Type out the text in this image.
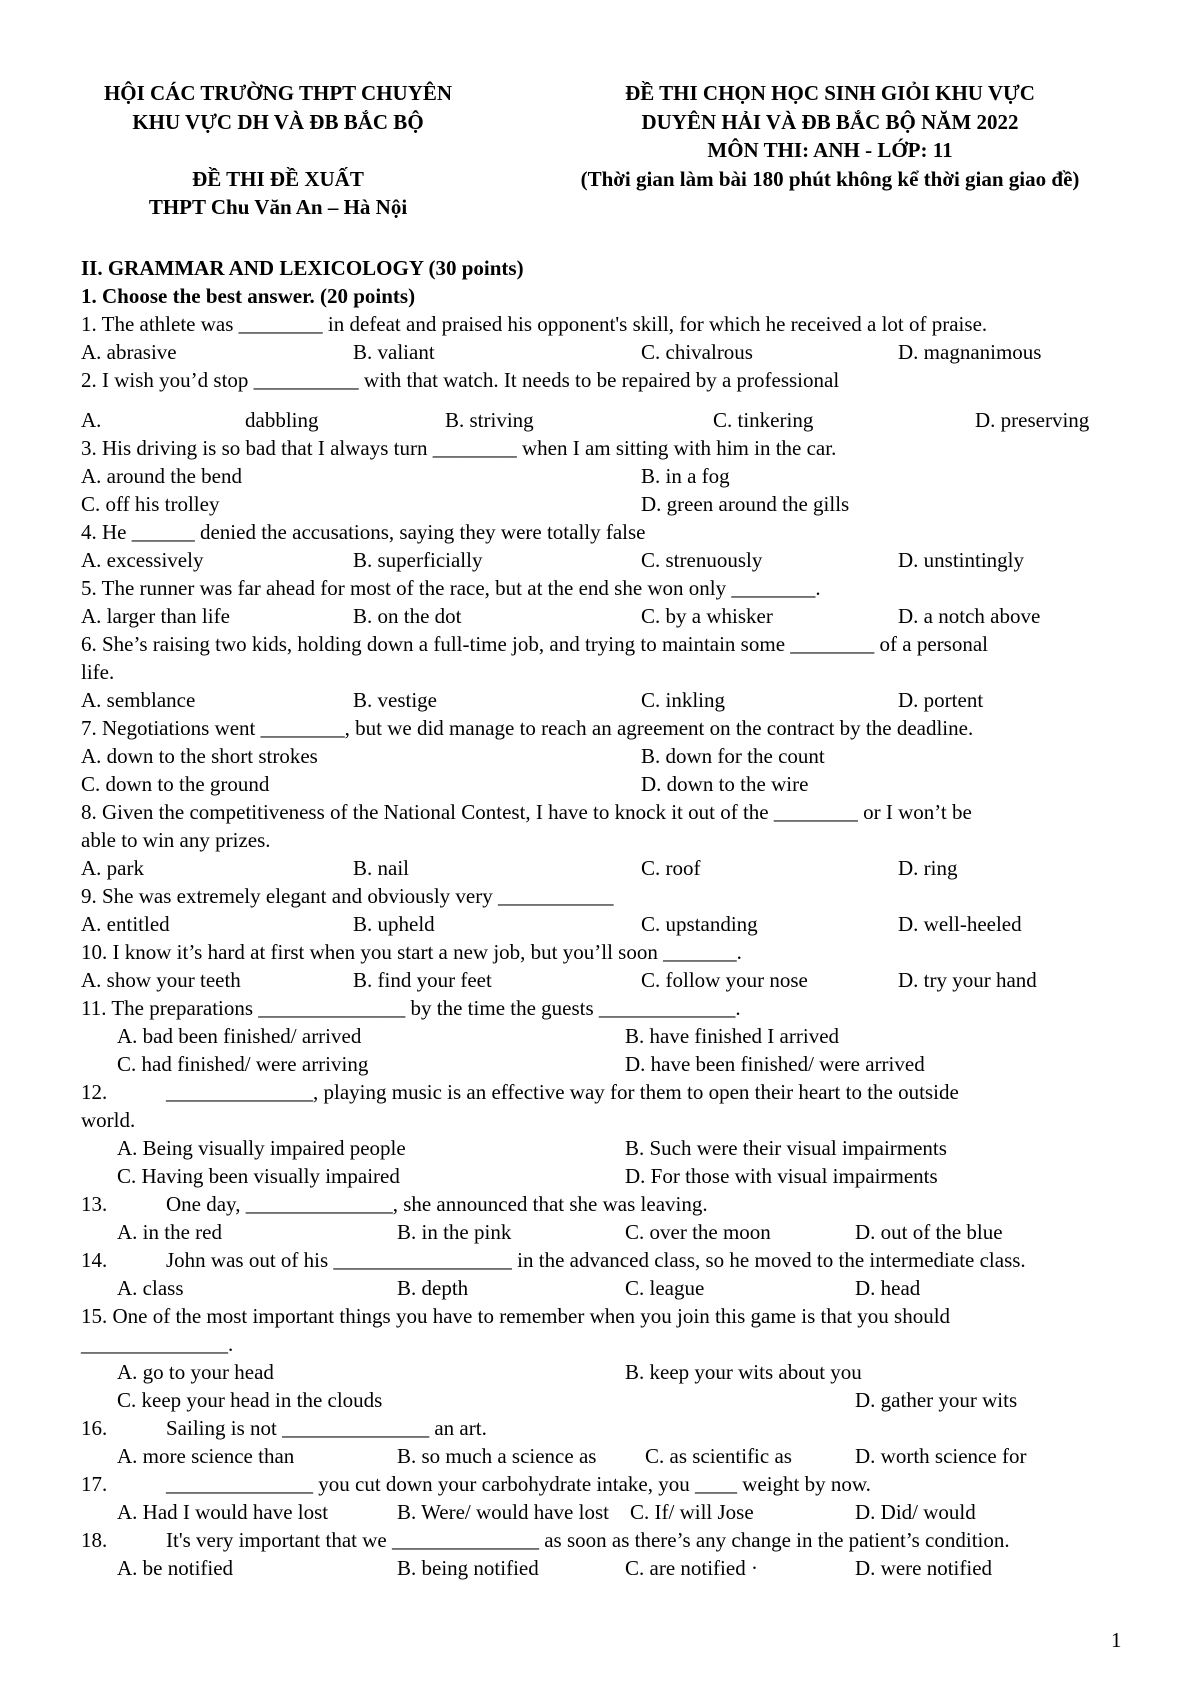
HỘI CÁC TRƯỜNG THPT CHUYÊN
KHU VỰC DH VÀ ĐB BẮC BỘ

ĐỀ THI ĐỀ XUẤT
THPT Chu Văn An – Hà Nội
ĐỀ THI CHỌN HỌC SINH GIỎI KHU VỰC
DUYÊN HẢI VÀ ĐB BẮC BỘ NĂM 2022
MÔN THI: ANH - LỚP: 11
(Thời gian làm bài 180 phút không kể thời gian giao đề)
II. GRAMMAR AND LEXICOLOGY (30 points)
1. Choose the best answer. (20 points)
1. The athlete was ________ in defeat and praised his opponent's skill, for which he received a lot of praise.
A. abrasive	B. valiant	C. chivalrous	D. magnanimous
2. I wish you’d stop __________ with that watch. It needs to be repaired by a professional
A.	dabbling	B. striving	C. tinkering	D. preserving
3. His driving is so bad that I always turn ________ when I am sitting with him in the car.
A. around the bend	B. in a fog
C. off his trolley	D. green around the gills
4. He ______ denied the accusations, saying they were totally false
A. excessively	B. superficially	C. strenuously	D. unstintingly
5. The runner was far ahead for most of the race, but at the end she won only ________.
A. larger than life	B. on the dot	C. by a whisker	D. a notch above
6. She’s raising two kids, holding down a full-time job, and trying to maintain some ________ of a personal
life.
A. semblance	B. vestige	C. inkling	D. portent
7. Negotiations went ________, but we did manage to reach an agreement on the contract by the deadline.
A. down to the short strokes	B. down for the count
C. down to the ground	D. down to the wire
8. Given the competitiveness of the National Contest, I have to knock it out of the ________ or I won’t be
able to win any prizes.
A. park	B. nail	C. roof	D. ring
9. She was extremely elegant and obviously very ___________
A. entitled	B. upheld	C. upstanding	D. well-heeled
10. I know it’s hard at first when you start a new job, but you’ll soon _______.
A. show your teeth	B. find your feet	C. follow your nose	D. try your hand
11. The preparations ______________ by the time the guests _____________.
A. bad been finished/ arrived	B. have finished I arrived
C. had finished/ were arriving	D. have been finished/ were arrived
12.	______________, playing music is an effective way for them to open their heart to the outside
world.
A. Being visually impaired people	B. Such were their visual impairments
C. Having been visually impaired	D. For those with visual impairments
13.	One day, ______________, she announced that she was leaving.
A. in the red	B. in the pink	C. over the moon	D. out of the blue
14.	John was out of his _________________ in the advanced class, so he moved to the intermediate class.
A. class	B. depth	C. league	D. head
15. One of the most important things you have to remember when you join this game is that you should
______________.
A. go to your head	B. keep your wits about you
C. keep your head in the clouds	D. gather your wits
16.	Sailing is not ______________ an art.
A. more science than	B. so much a science as C. as scientific as	D. worth science for
17.	______________ you cut down your carbohydrate intake, you ____ weight by now.
A. Had I would have lost	B. Were/ would have lost C. If/ will Jose	D. Did/ would
18.	It's very important that we ______________ as soon as there’s any change in the patient’s condition.
A. be notified	B. being notified	C. are notified ·	D. were notified
1
